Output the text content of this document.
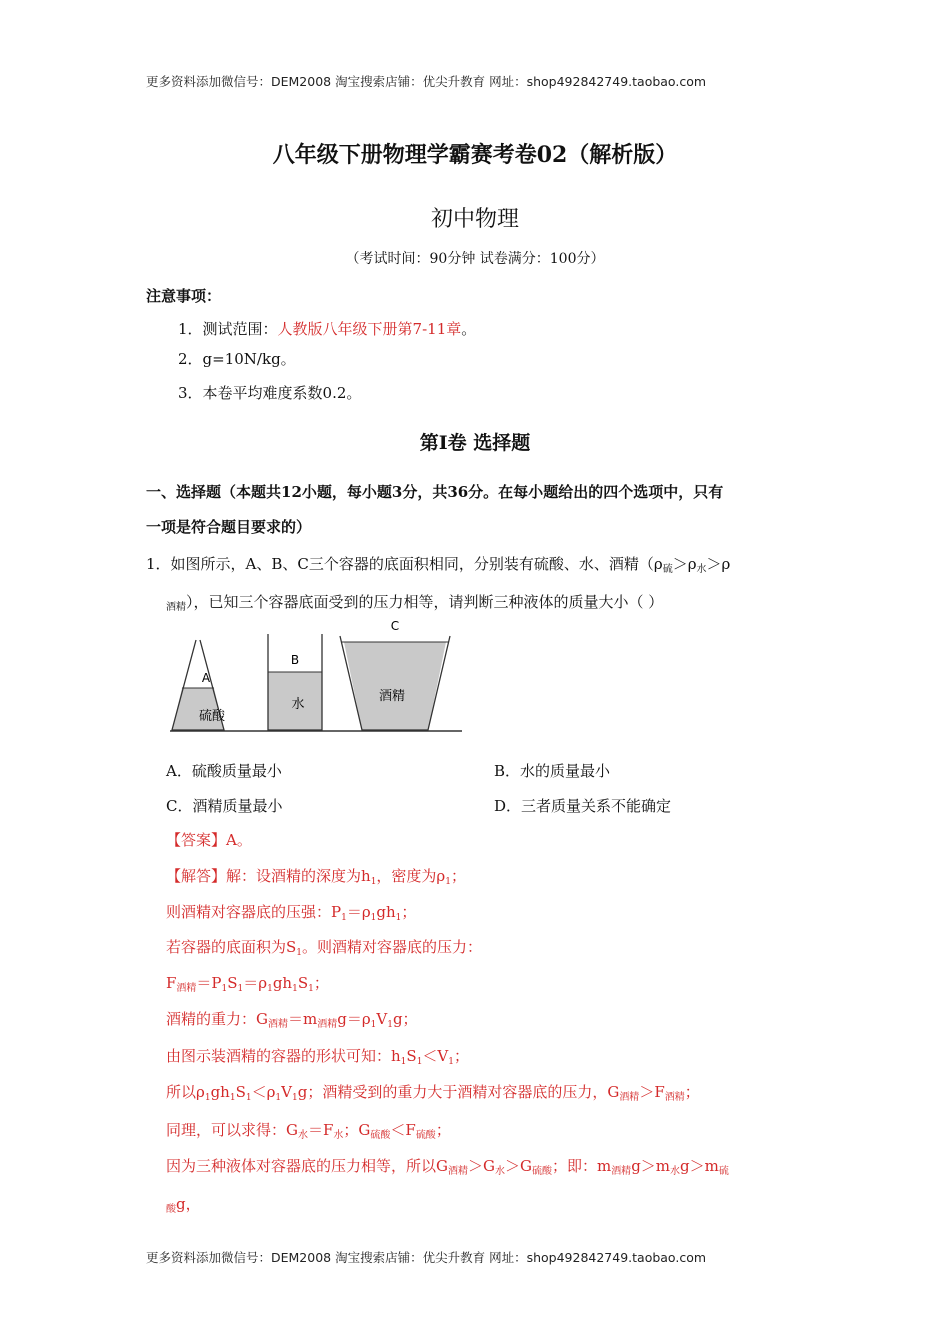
更多资料添加微信号：DEM2008 淘宝搜索店铺：优尖升教育 网址：shop492842749.taobao.com
八年级下册物理学霸赛考卷02（解析版）
初中物理
（考试时间：90分钟 试卷满分：100分）
注意事项：
1．测试范围：人教版八年级下册第7-11章。
2．g=10N/kg。
3．本卷平均难度系数0.2。
第Ⅰ卷 选择题
一、选择题（本题共12小题，每小题3分，共36分。在每小题给出的四个选项中，只有
一项是符合题目要求的）
1．如图所示，A、B、C三个容器的底面积相同，分别装有硫酸、水、酒精（$\rho_硫>\rho_水>\rho$
$_{酒精}$），已知三个容器底面受到的压力相等，请判断三种液体的质量大小（ ）
A
硫酸
B
水
C
酒精
A．硫酸质量最小	B．水的质量最小
C．酒精质量最小	D．三者质量关系不能确定
【答案】A。
【解答】解：设酒精的深度为$h_1$，密度为$\rho_1$；
则酒精对容器底的压强：$P_1=\rho_1gh_1$；
若容器的底面积为$S_1$。则酒精对容器底的压力：
$F_{酒精}=P_1S_1=\rho_1gh_1S_1$；
酒精的重力：$G_{酒精}=m_{酒精}g=\rho_1V_1g$；
由图示装酒精的容器的形状可知：$h_1S_1<V_1$；
所以$\rho_1gh_1S_1<\rho_1V_1g$；酒精受到的重力大于酒精对容器底的压力，$G_{酒精}>F_{酒精}$；
同理，可以求得：$G_水=F_水$；$G_{硫酸}<F_{硫酸}$；
因为三种液体对容器底的压力相等，所以$G_{酒精}>G_水>G_{硫酸}$；即：$m_{酒精}g>m_水g>m_硫$
$_酸$g，
更多资料添加微信号：DEM2008 淘宝搜索店铺：优尖升教育 网址：shop492842749.taobao.com
